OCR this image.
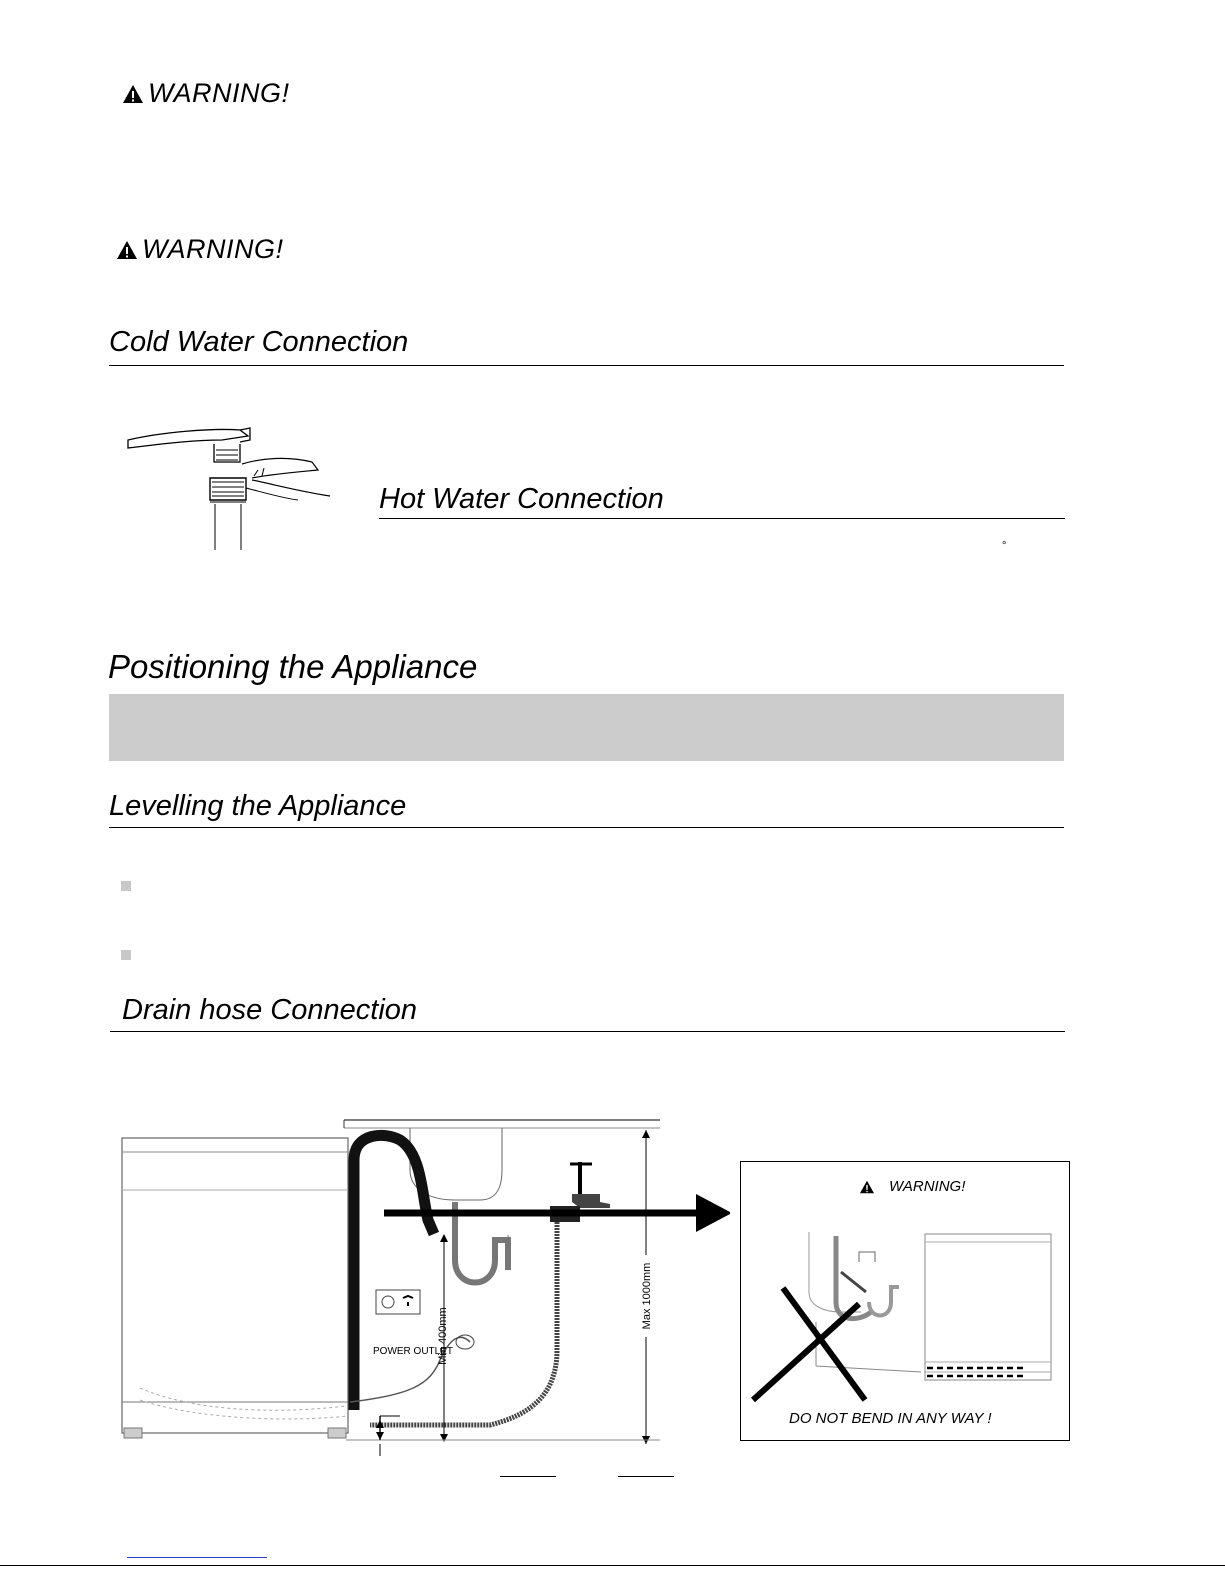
WARNING!
WARNING!
Cold Water Connection
Hot Water Connection
°
Positioning the Appliance
Levelling the Appliance
Drain hose Connection
POWER OUTLET
Min 400mm
Max 1000mm
WARNING!
DO NOT BEND IN ANY WAY !
